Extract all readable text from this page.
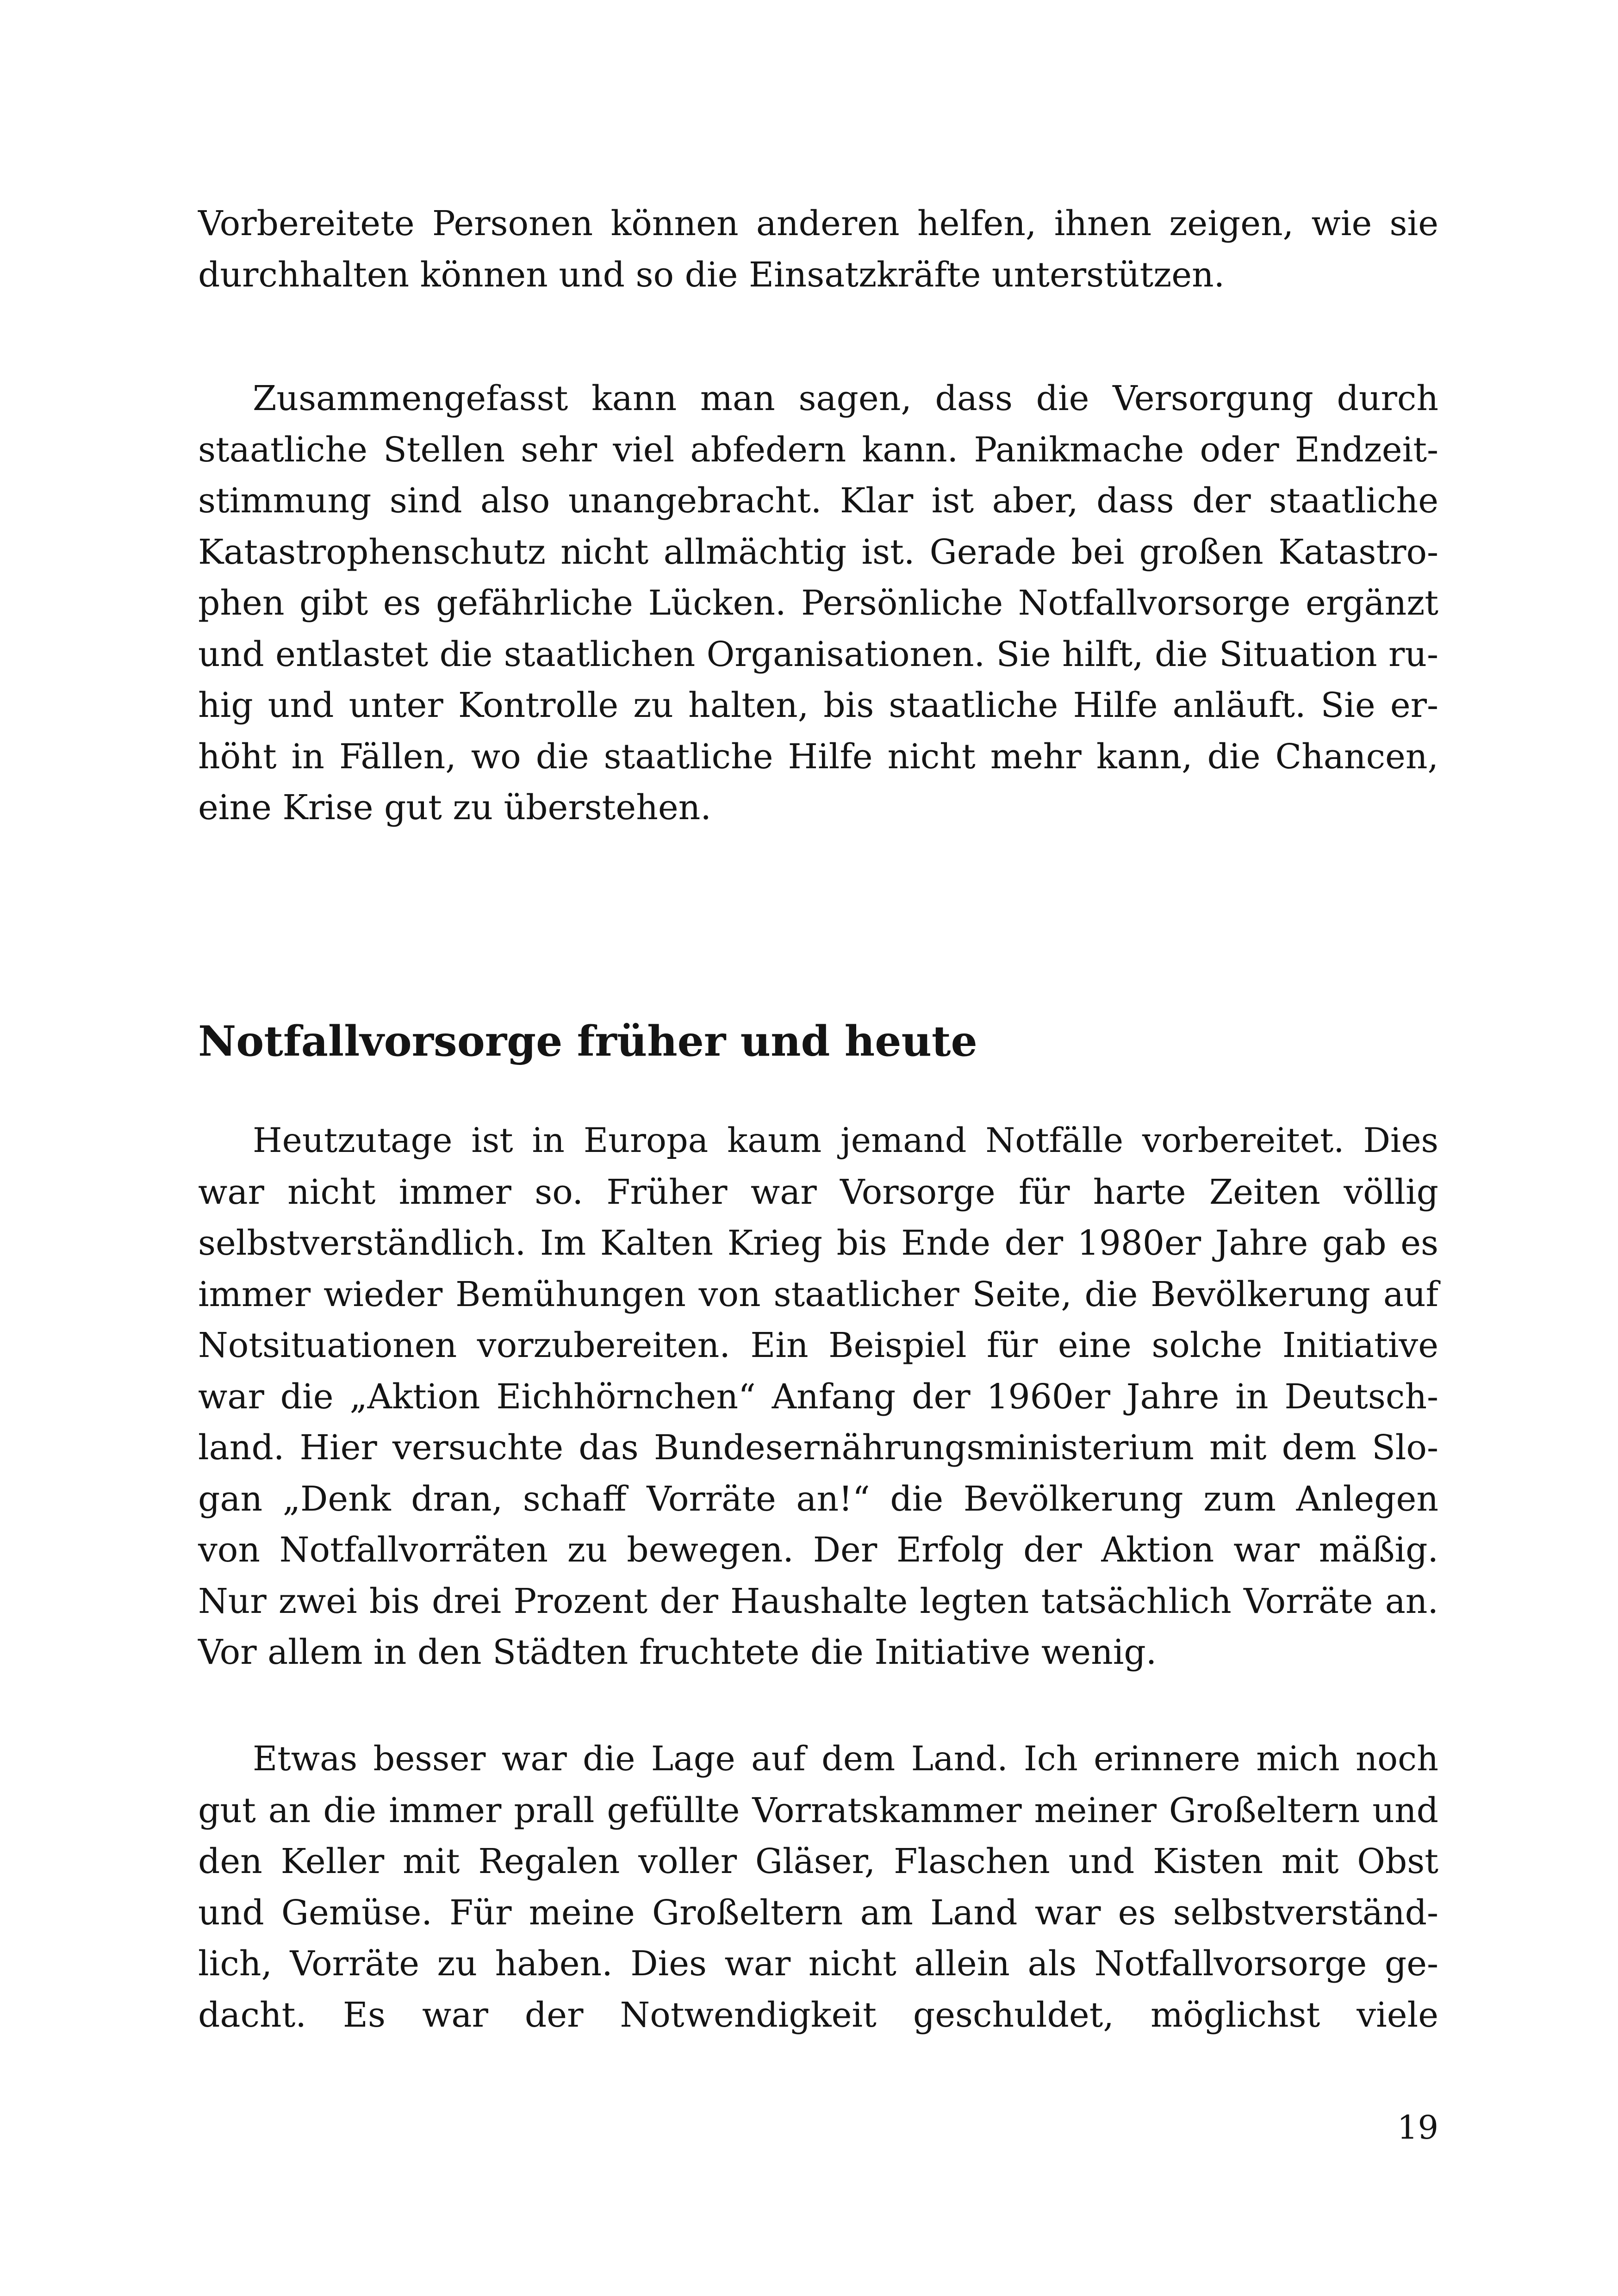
Vorbereitete Personen können anderen helfen, ihnen zeigen, wie sie
durchhalten können und so die Einsatzkräfte unterstützen.
Zusammengefasst kann man sagen, dass die Versorgung durch
staatliche Stellen sehr viel abfedern kann. Panikmache oder Endzeit-
stimmung sind also unangebracht. Klar ist aber, dass der staatliche
Katastrophenschutz nicht allmächtig ist. Gerade bei großen Katastro-
phen gibt es gefährliche Lücken. Persönliche Notfallvorsorge ergänzt
und entlastet die staatlichen Organisationen. Sie hilft, die Situation ru-
hig und unter Kontrolle zu halten, bis staatliche Hilfe anläuft. Sie er-
höht in Fällen, wo die staatliche Hilfe nicht mehr kann, die Chancen,
eine Krise gut zu überstehen.
Notfallvorsorge früher und heute
Heutzutage ist in Europa kaum jemand Notfälle vorbereitet. Dies
war nicht immer so. Früher war Vorsorge für harte Zeiten völlig
selbstverständlich. Im Kalten Krieg bis Ende der 1980er Jahre gab es
immer wieder Bemühungen von staatlicher Seite, die Bevölkerung auf
Notsituationen vorzubereiten. Ein Beispiel für eine solche Initiative
war die „Aktion Eichhörnchen“ Anfang der 1960er Jahre in Deutsch-
land. Hier versuchte das Bundesernährungsministerium mit dem Slo-
gan „Denk dran, schaff Vorräte an!“ die Bevölkerung zum Anlegen
von Notfallvorräten zu bewegen. Der Erfolg der Aktion war mäßig.
Nur zwei bis drei Prozent der Haushalte legten tatsächlich Vorräte an.
Vor allem in den Städten fruchtete die Initiative wenig.
Etwas besser war die Lage auf dem Land. Ich erinnere mich noch
gut an die immer prall gefüllte Vorratskammer meiner Großeltern und
den Keller mit Regalen voller Gläser, Flaschen und Kisten mit Obst
und Gemüse. Für meine Großeltern am Land war es selbstverständ-
lich, Vorräte zu haben. Dies war nicht allein als Notfallvorsorge ge-
dacht. Es war der Notwendigkeit geschuldet, möglichst viele
19
